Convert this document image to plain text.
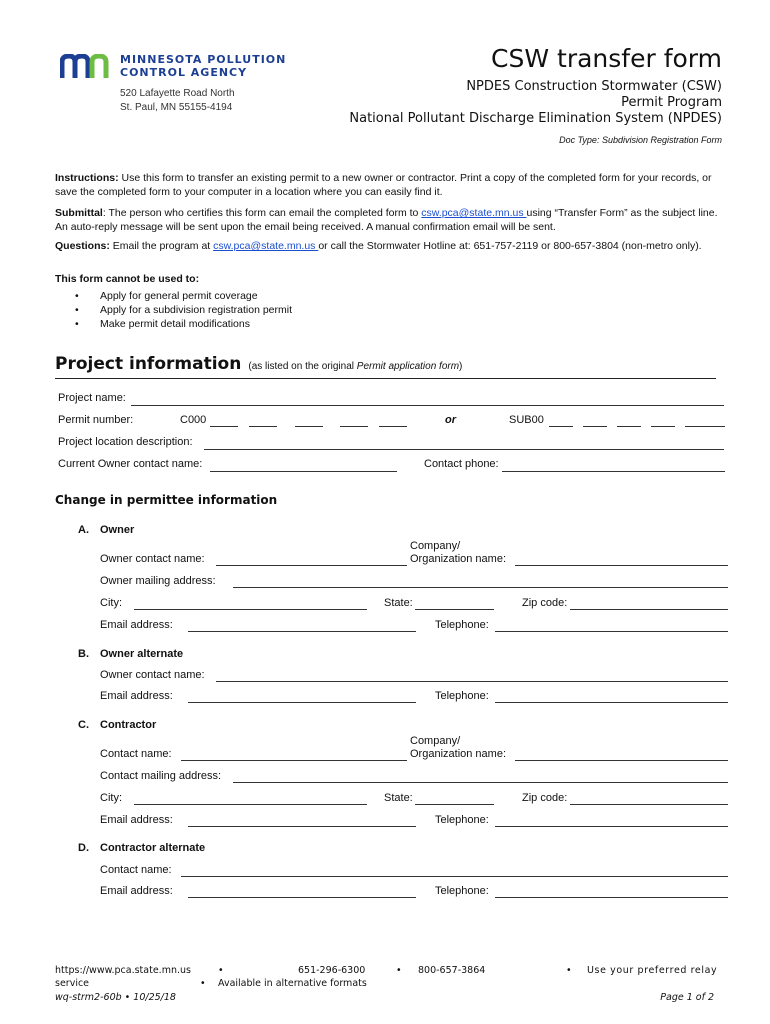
MINNESOTA POLLUTION
CONTROL AGENCY
520 Lafayette Road North
St. Paul, MN 55155-4194
CSW transfer form
NPDES Construction Stormwater (CSW)
Permit Program
National Pollutant Discharge Elimination System (NPDES)
Doc Type: Subdivision Registration Form
Instructions: Use this form to transfer an existing permit to a new owner or contractor. Print a copy of the completed form for your records, or save the completed form to your computer in a location where you can easily find it.
Submittal: The person who certifies this form can email the completed form to csw.pca@state.mn.us using “Transfer Form” as the subject line. An auto-reply message will be sent upon the email being received. A manual confirmation email will be sent.
Questions: Email the program at csw.pca@state.mn.us or call the Stormwater Hotline at: 651-757-2119 or 800-657-3804 (non-metro only).
This form cannot be used to:
• Apply for general permit coverage
• Apply for a subdivision registration permit
• Make permit detail modifications
Project information (as listed on the original Permit application form)
Project name:
Permit number:	C000	or	SUB00
Project location description:
Current Owner contact name:	Contact phone:
Change in permittee information
A. Owner
Company/
Owner contact name:	Organization name:
Owner mailing address:
City:	State:	Zip code:
Email address:	Telephone:
B. Owner alternate
Owner contact name:
Email address:	Telephone:
C. Contractor
Company/
Contact name:	Organization name:
Contact mailing address:
City:	State:	Zip code:
Email address:	Telephone:
D. Contractor alternate
Contact name:
Email address:	Telephone:
https://www.pca.state.mn.us	•	651-296-6300	• 800-657-3864	• Use your preferred relay
service	• Available in alternative formats
wq-strm2-60b • 10/25/18	Page 1 of 2
